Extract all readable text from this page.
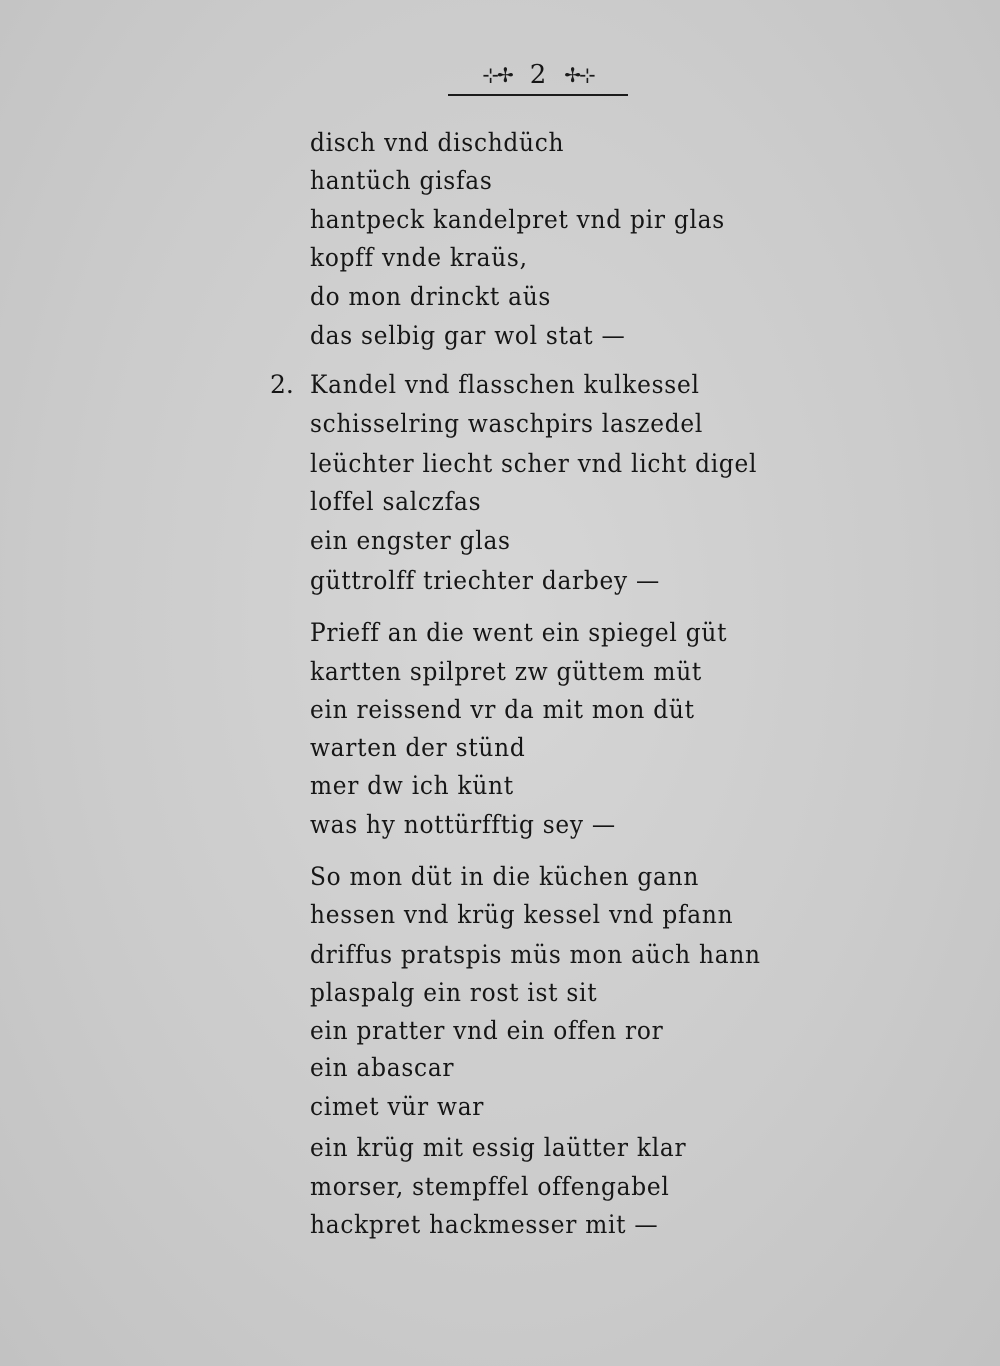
⊹✢ 2 ✢⊹
disch vnd dischdüch
hantüch gisfas
hantpeck kandelpret vnd pir glas
kopff vnde kraüs,
do mon drinckt aüs
das selbig gar wol stat —
2. Kandel vnd flasschen kulkessel
schisselring waschpirs laszedel
leüchter liecht scher vnd licht digel
loffel salczfas
ein engster glas
güttrolff triechter darbey —
Prieff an die went ein spiegel güt
kartten spilpret zw güttem müt
ein reissend vr da mit mon düt
warten der stünd
mer dw ich künt
was hy nottürfftig sey —
So mon düt in die küchen gann
hessen vnd krüg kessel vnd pfann
driffus pratspis müs mon aüch hann
plaspalg ein rost ist sit
ein pratter vnd ein offen ror
ein abascar
cimet vür war
ein krüg mit essig laütter klar
morser, stempffel offengabel
hackpret hackmesser mit —
